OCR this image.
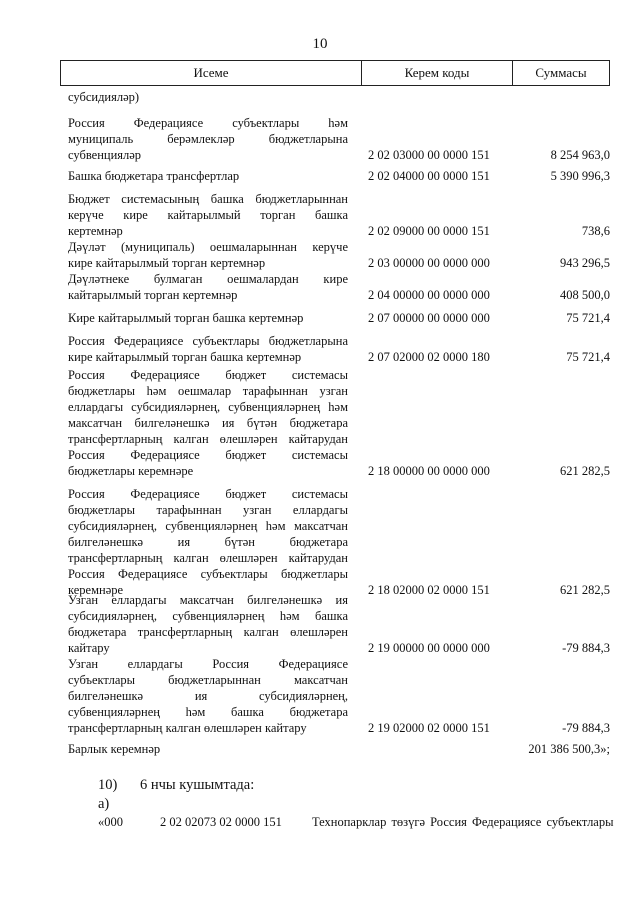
10
Исеме	Керем коды	Суммасы
субсидияләр)
Россия Федерациясе субъектлары һәм
муниципаль берәмлекләр бюджетларына
субвенцияләр	2 02 03000 00 0000 151	8 254 963,0
Башка бюджетара трансфертлар	2 02 04000 00 0000 151	5 390 996,3
Бюджет системасының башка бюджетларыннан
керүче кире кайтарылмый торган башка
кертемнәр	2 02 09000 00 0000 151	738,6
Дәүләт (муниципаль) оешмаларыннан керүче
кире кайтарылмый торган кертемнәр	2 03 00000 00 0000 000	943 296,5
Дәүләтнеке булмаган оешмалардан кире
кайтарылмый торган кертемнәр	2 04 00000 00 0000 000	408 500,0
Кире кайтарылмый торган башка кертемнәр	2 07 00000 00 0000 000	75 721,4
Россия Федерациясе субъектлары бюджетларына
кире кайтарылмый торган башка кертемнәр	2 07 02000 02 0000 180	75 721,4
Россия Федерациясе бюджет системасы
бюджетлары һәм оешмалар тарафыннан узган
еллардагы субсидияләрнең, субвенцияләрнең һәм
максатчан билгеләнешкә ия бүтән бюджетара
трансфертларның калган өлешләрен кайтарудан
Россия Федерациясе бюджет системасы
бюджетлары керемнәре	2 18 00000 00 0000 000	621 282,5
Россия Федерациясе бюджет системасы
бюджетлары тарафыннан узган еллардагы
субсидияләрнең, субвенцияләрнең һәм максатчан
билгеләнешкә ия бүтән бюджетара
трансфертларның калган өлешләрен кайтарудан
Россия Федерациясе субъектлары бюджетлары
керемнәре	2 18 02000 02 0000 151	621 282,5
Узган еллардагы максатчан билгеләнешкә ия
субсидияләрнең, субвенцияләрнең һәм башка
бюджетара трансфертларның калган өлешләрен
кайтару	2 19 00000 00 0000 000	-79 884,3
Узган еллардагы Россия Федерациясе
субъектлары бюджетларыннан максатчан
билгеләнешкә ия субсидияләрнең,
субвенцияләрнең һәм башка бюджетара
трансфертларның калган өлешләрен кайтару	2 19 02000 02 0000 151	-79 884,3
Барлык керемнәр	201 386 500,3»;
10) 6 нчы кушымтада:
а)
«000	2 02 02073 02 0000 151 Технопарклар төзүгә Россия Федерациясе субъектлары
